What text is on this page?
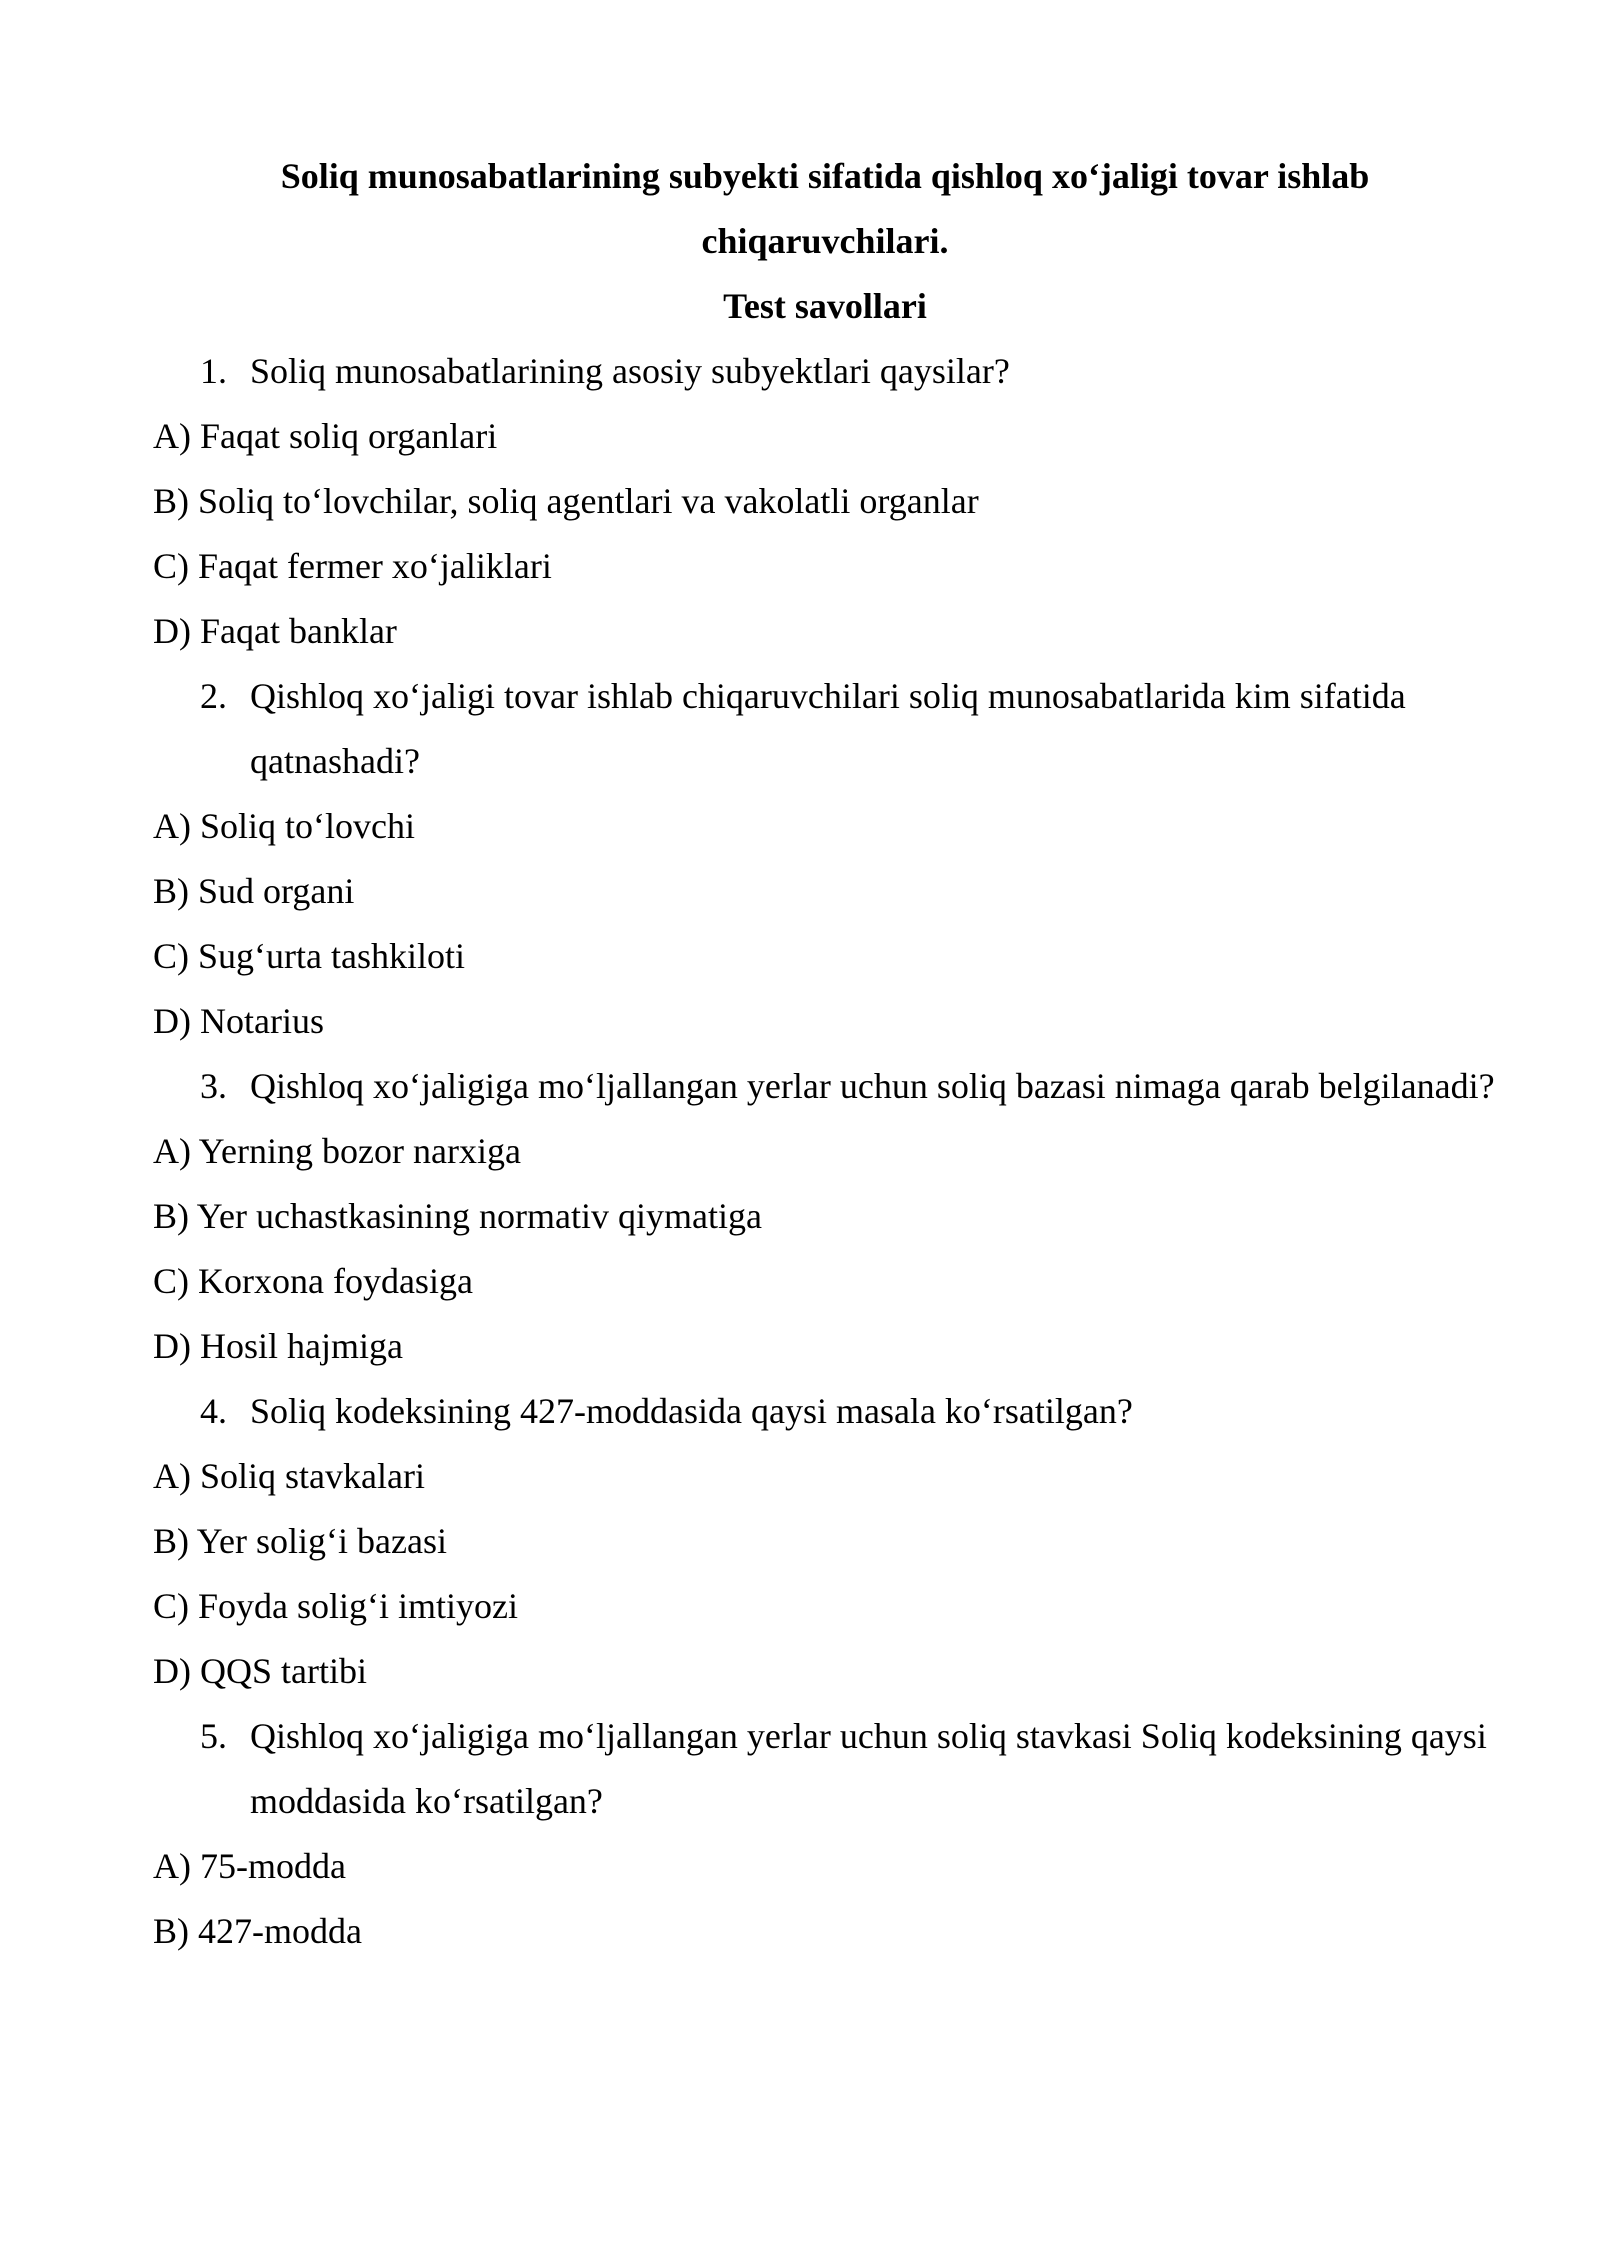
Soliq munosabatlarining subyekti sifatida qishloq xo‘jaligi tovar ishlab
chiqaruvchilari.
Test savollari
1. Soliq munosabatlarining asosiy subyektlari qaysilar?
A) Faqat soliq organlari
B) Soliq to‘lovchilar, soliq agentlari va vakolatli organlar
C) Faqat fermer xo‘jaliklari
D) Faqat banklar
2. Qishloq xo‘jaligi tovar ishlab chiqaruvchilari soliq munosabatlarida kim sifatida qatnashadi?
A) Soliq to‘lovchi
B) Sud organi
C) Sug‘urta tashkiloti
D) Notarius
3. Qishloq xo‘jaligiga mo‘ljallangan yerlar uchun soliq bazasi nimaga qarab belgilanadi?
A) Yerning bozor narxiga
B) Yer uchastkasining normativ qiymatiga
C) Korxona foydasiga
D) Hosil hajmiga
4. Soliq kodeksining 427-moddasida qaysi masala ko‘rsatilgan?
A) Soliq stavkalari
B) Yer solig‘i bazasi
C) Foyda solig‘i imtiyozi
D) QQS tartibi
5. Qishloq xo‘jaligiga mo‘ljallangan yerlar uchun soliq stavkasi Soliq kodeksining qaysi moddasida ko‘rsatilgan?
A) 75-modda
B) 427-modda
